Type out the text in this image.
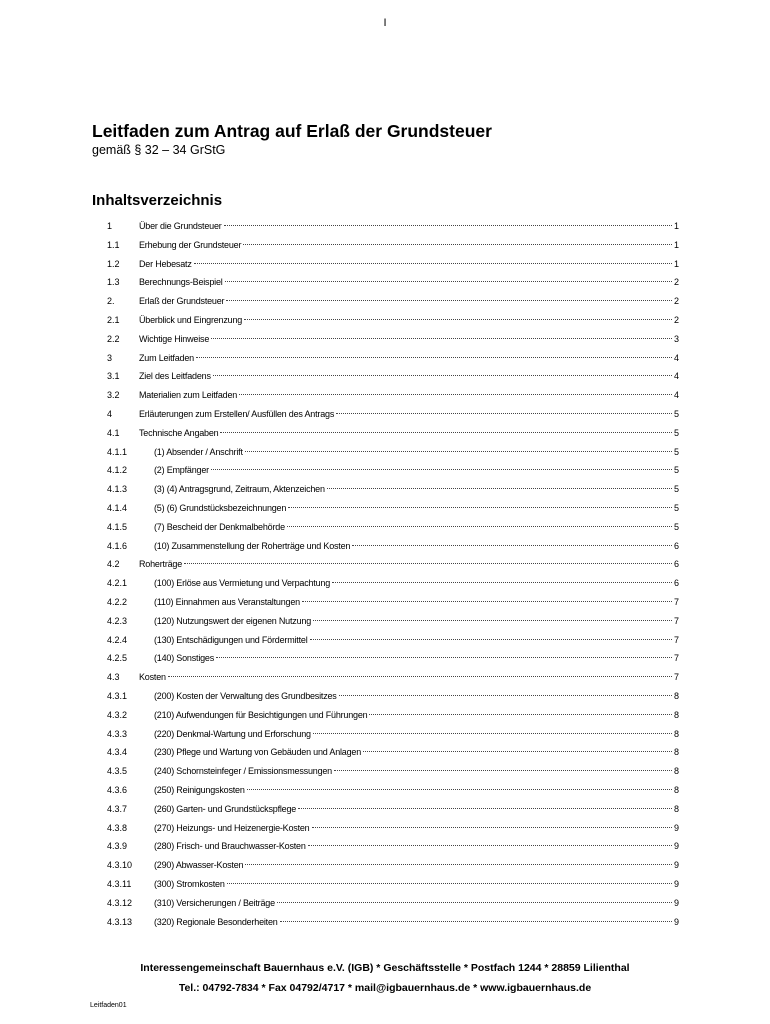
I
Leitfaden zum Antrag auf Erlaß der Grundsteuer
gemäß § 32 – 34 GrStG
Inhaltsverzeichnis
1	Über die Grundsteuer	1
1.1 Erhebung der Grundsteuer	1
1.2 Der Hebesatz	1
1.3 Berechnungs-Beispiel	2
2.	Erlaß der Grundsteuer	2
2.1 Überblick und Eingrenzung	2
2.2 Wichtige Hinweise	3
3	Zum Leitfaden	4
3.1 Ziel des Leitfadens	4
3.2 Materialien zum Leitfaden	4
4	Erläuterungen zum Erstellen/ Ausfüllen des Antrags	5
4.1 Technische Angaben	5
4.1.1	(1) Absender / Anschrift	5
4.1.2	(2) Empfänger	5
4.1.3	(3) (4) Antragsgrund, Zeitraum, Aktenzeichen	5
4.1.4	(5) (6) Grundstücksbezeichnungen	5
4.1.5	(7) Bescheid der Denkmalbehörde	5
4.1.6	(10) Zusammenstellung der Roherträge und Kosten	6
4.2 Roherträge	6
4.2.1	(100) Erlöse aus Vermietung und Verpachtung	6
4.2.2	(110) Einnahmen aus Veranstaltungen	7
4.2.3	(120) Nutzungswert der eigenen Nutzung	7
4.2.4	(130) Entschädigungen und Fördermittel	7
4.2.5	(140) Sonstiges	7
4.3 Kosten	7
4.3.1	(200) Kosten der Verwaltung des Grundbesitzes	8
4.3.2	(210) Aufwendungen für Besichtigungen und Führungen	8
4.3.3	(220) Denkmal-Wartung und Erforschung	8
4.3.4	(230) Pflege und Wartung von Gebäuden und Anlagen	8
4.3.5	(240) Schornsteinfeger / Emissionsmessungen	8
4.3.6	(250) Reinigungskosten	8
4.3.7	(260) Garten- und Grundstückspflege	8
4.3.8	(270) Heizungs- und Heizenergie-Kosten	9
4.3.9	(280) Frisch- und Brauchwasser-Kosten	9
4.3.10 (290) Abwasser-Kosten	9
4.3.11	(300) Stromkosten	9
4.3.12 (310) Versicherungen / Beiträge	9
4.3.13 (320) Regionale Besonderheiten	9
Interessengemeinschaft Bauernhaus e.V. (IGB) * Geschäftsstelle * Postfach 1244 * 28859 Lilienthal
Tel.: 04792-7834 * Fax 04792/4717 * mail@igbauernhaus.de * www.igbauernhaus.de
Leitfaden01
